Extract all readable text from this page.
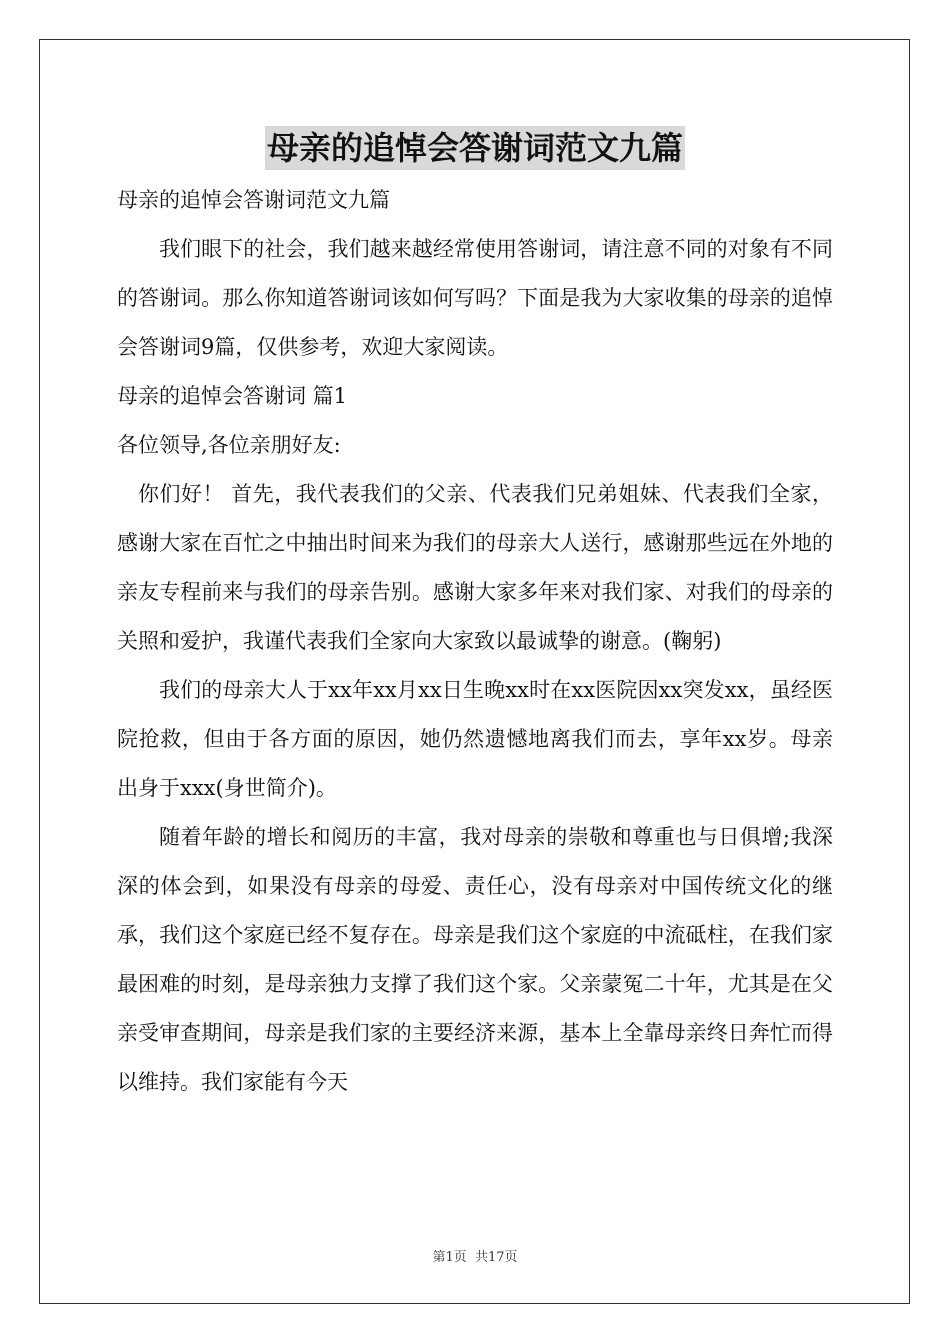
母亲的追悼会答谢词范文九篇

母亲的追悼会答谢词范文九篇

我们眼下的社会，我们越来越经常使用答谢词，请注意不同的对象有不同的答谢词。那么你知道答谢词该如何写吗？下面是我为大家收集的母亲的追悼会答谢词9篇，仅供参考，欢迎大家阅读。

母亲的追悼会答谢词 篇1

各位领导,各位亲朋好友:

你们好！ 首先，我代表我们的父亲、代表我们兄弟姐妹、代表我们全家，感谢大家在百忙之中抽出时间来为我们的母亲大人送行，感谢那些远在外地的亲友专程前来与我们的母亲告别。感谢大家多年来对我们家、对我们的母亲的关照和爱护，我谨代表我们全家向大家致以最诚挚的谢意。(鞠躬)

我们的母亲大人于xx年xx月xx日生晚xx时在xx医院因xx突发xx，虽经医院抢救，但由于各方面的原因，她仍然遗憾地离我们而去，享年xx岁。母亲出身于xxx(身世简介)。

随着年龄的增长和阅历的丰富，我对母亲的崇敬和尊重也与日俱增;我深深的体会到，如果没有母亲的母爱、责任心，没有母亲对中国传统文化的继承，我们这个家庭已经不复存在。母亲是我们这个家庭的中流砥柱，在我们家最困难的时刻，是母亲独力支撑了我们这个家。父亲蒙冤二十年，尤其是在父亲受审查期间，母亲是我们家的主要经济来源，基本上全靠母亲终日奔忙而得以维持。我们家能有今天

第1页 共17页
